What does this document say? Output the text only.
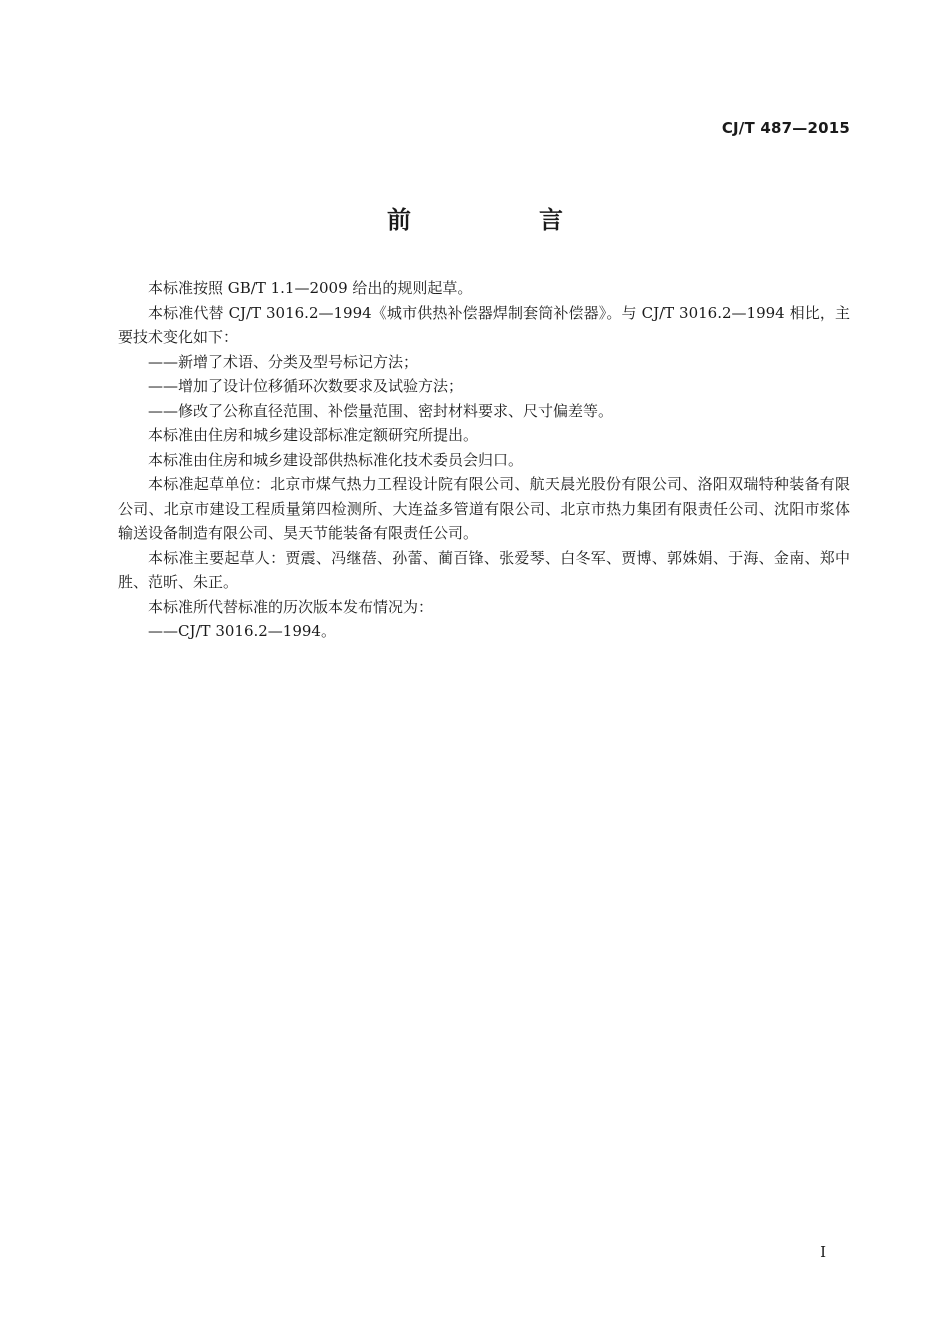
CJ/T 487—2015
前　言

本标准按照 GB/T 1.1—2009 给出的规则起草。

本标准代替 CJ/T 3016.2—1994《城市供热补偿器焊制套筒补偿器》。与 CJ/T 3016.2—1994 相比，主要技术变化如下：

——新增了术语、分类及型号标记方法；

——增加了设计位移循环次数要求及试验方法；

——修改了公称直径范围、补偿量范围、密封材料要求、尺寸偏差等。

本标准由住房和城乡建设部标准定额研究所提出。

本标准由住房和城乡建设部供热标准化技术委员会归口。

本标准起草单位：北京市煤气热力工程设计院有限公司、航天晨光股份有限公司、洛阳双瑞特种装备有限公司、北京市建设工程质量第四检测所、大连益多管道有限公司、北京市热力集团有限责任公司、沈阳市浆体输送设备制造有限公司、昊天节能装备有限责任公司。

本标准主要起草人：贾震、冯继蓓、孙蕾、蔺百锋、张爱琴、白冬军、贾博、郭姝娟、于海、金南、郑中胜、范昕、朱正。

本标准所代替标准的历次版本发布情况为：

——CJ/T 3016.2—1994。

I
